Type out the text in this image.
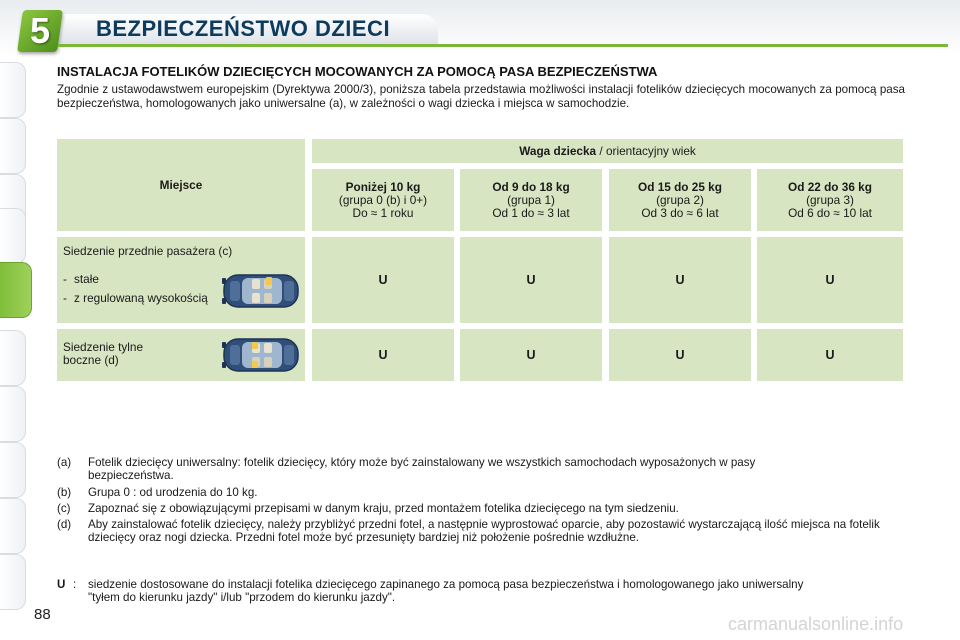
5 BEZPIECZEŃSTWO DZIECI
INSTALACJA FOTELIKÓW DZIECIĘCYCH MOCOWANYCH ZA POMOCĄ PASA BEZPIECZEŃSTWA
Zgodnie z ustawodawstwem europejskim (Dyrektywa 2000/3), poniższa tabela przedstawia możliwości instalacji fotelików dziecięcych mocowanych za pomocą pasa bezpieczeństwa, homologowanych jako uniwersalne (a), w zależności o wagi dziecka i miejsca w samochodzie.
Miejsce
Waga dziecka / orientacyjny wiek
Poniżej 10 kg
(grupa 0 (b) i 0+)
Do ≈ 1 roku
Od 9 do 18 kg
(grupa 1)
Od 1 do ≈ 3 lat
Od 15 do 25 kg
(grupa 2)
Od 3 do ≈ 6 lat
Od 22 do 36 kg
(grupa 3)
Od 6 do ≈ 10 lat
Siedzenie przednie pasażera (c)
- stałe
- z regulowaną wysokością
U	U	U	U
Siedzenie tylne boczne (d)	U	U	U	U
(a)	Fotelik dziecięcy uniwersalny: fotelik dziecięcy, który może być zainstalowany we wszystkich samochodach wyposażonych w pasy bezpieczeństwa.
(b)	Grupa 0 : od urodzenia do 10 kg.
(c)	Zapoznać się z obowiązującymi przepisami w danym kraju, przed montażem fotelika dziecięcego na tym siedzeniu.
(d)	Aby zainstalować fotelik dziecięcy, należy przybliżyć przedni fotel, a następnie wyprostować oparcie, aby pozostawić wystarczającą ilość miejsca na fotelik dziecięcy oraz nogi dziecka. Przedni fotel może być przesunięty bardziej niż położenie pośrednie wzdłużne.
U : siedzenie dostosowane do instalacji fotelika dziecięcego zapinanego za pomocą pasa bezpieczeństwa i homologowanego jako uniwersalny "tyłem do kierunku jazdy" i/lub "przodem do kierunku jazdy".
88	carmanualsonline.info
